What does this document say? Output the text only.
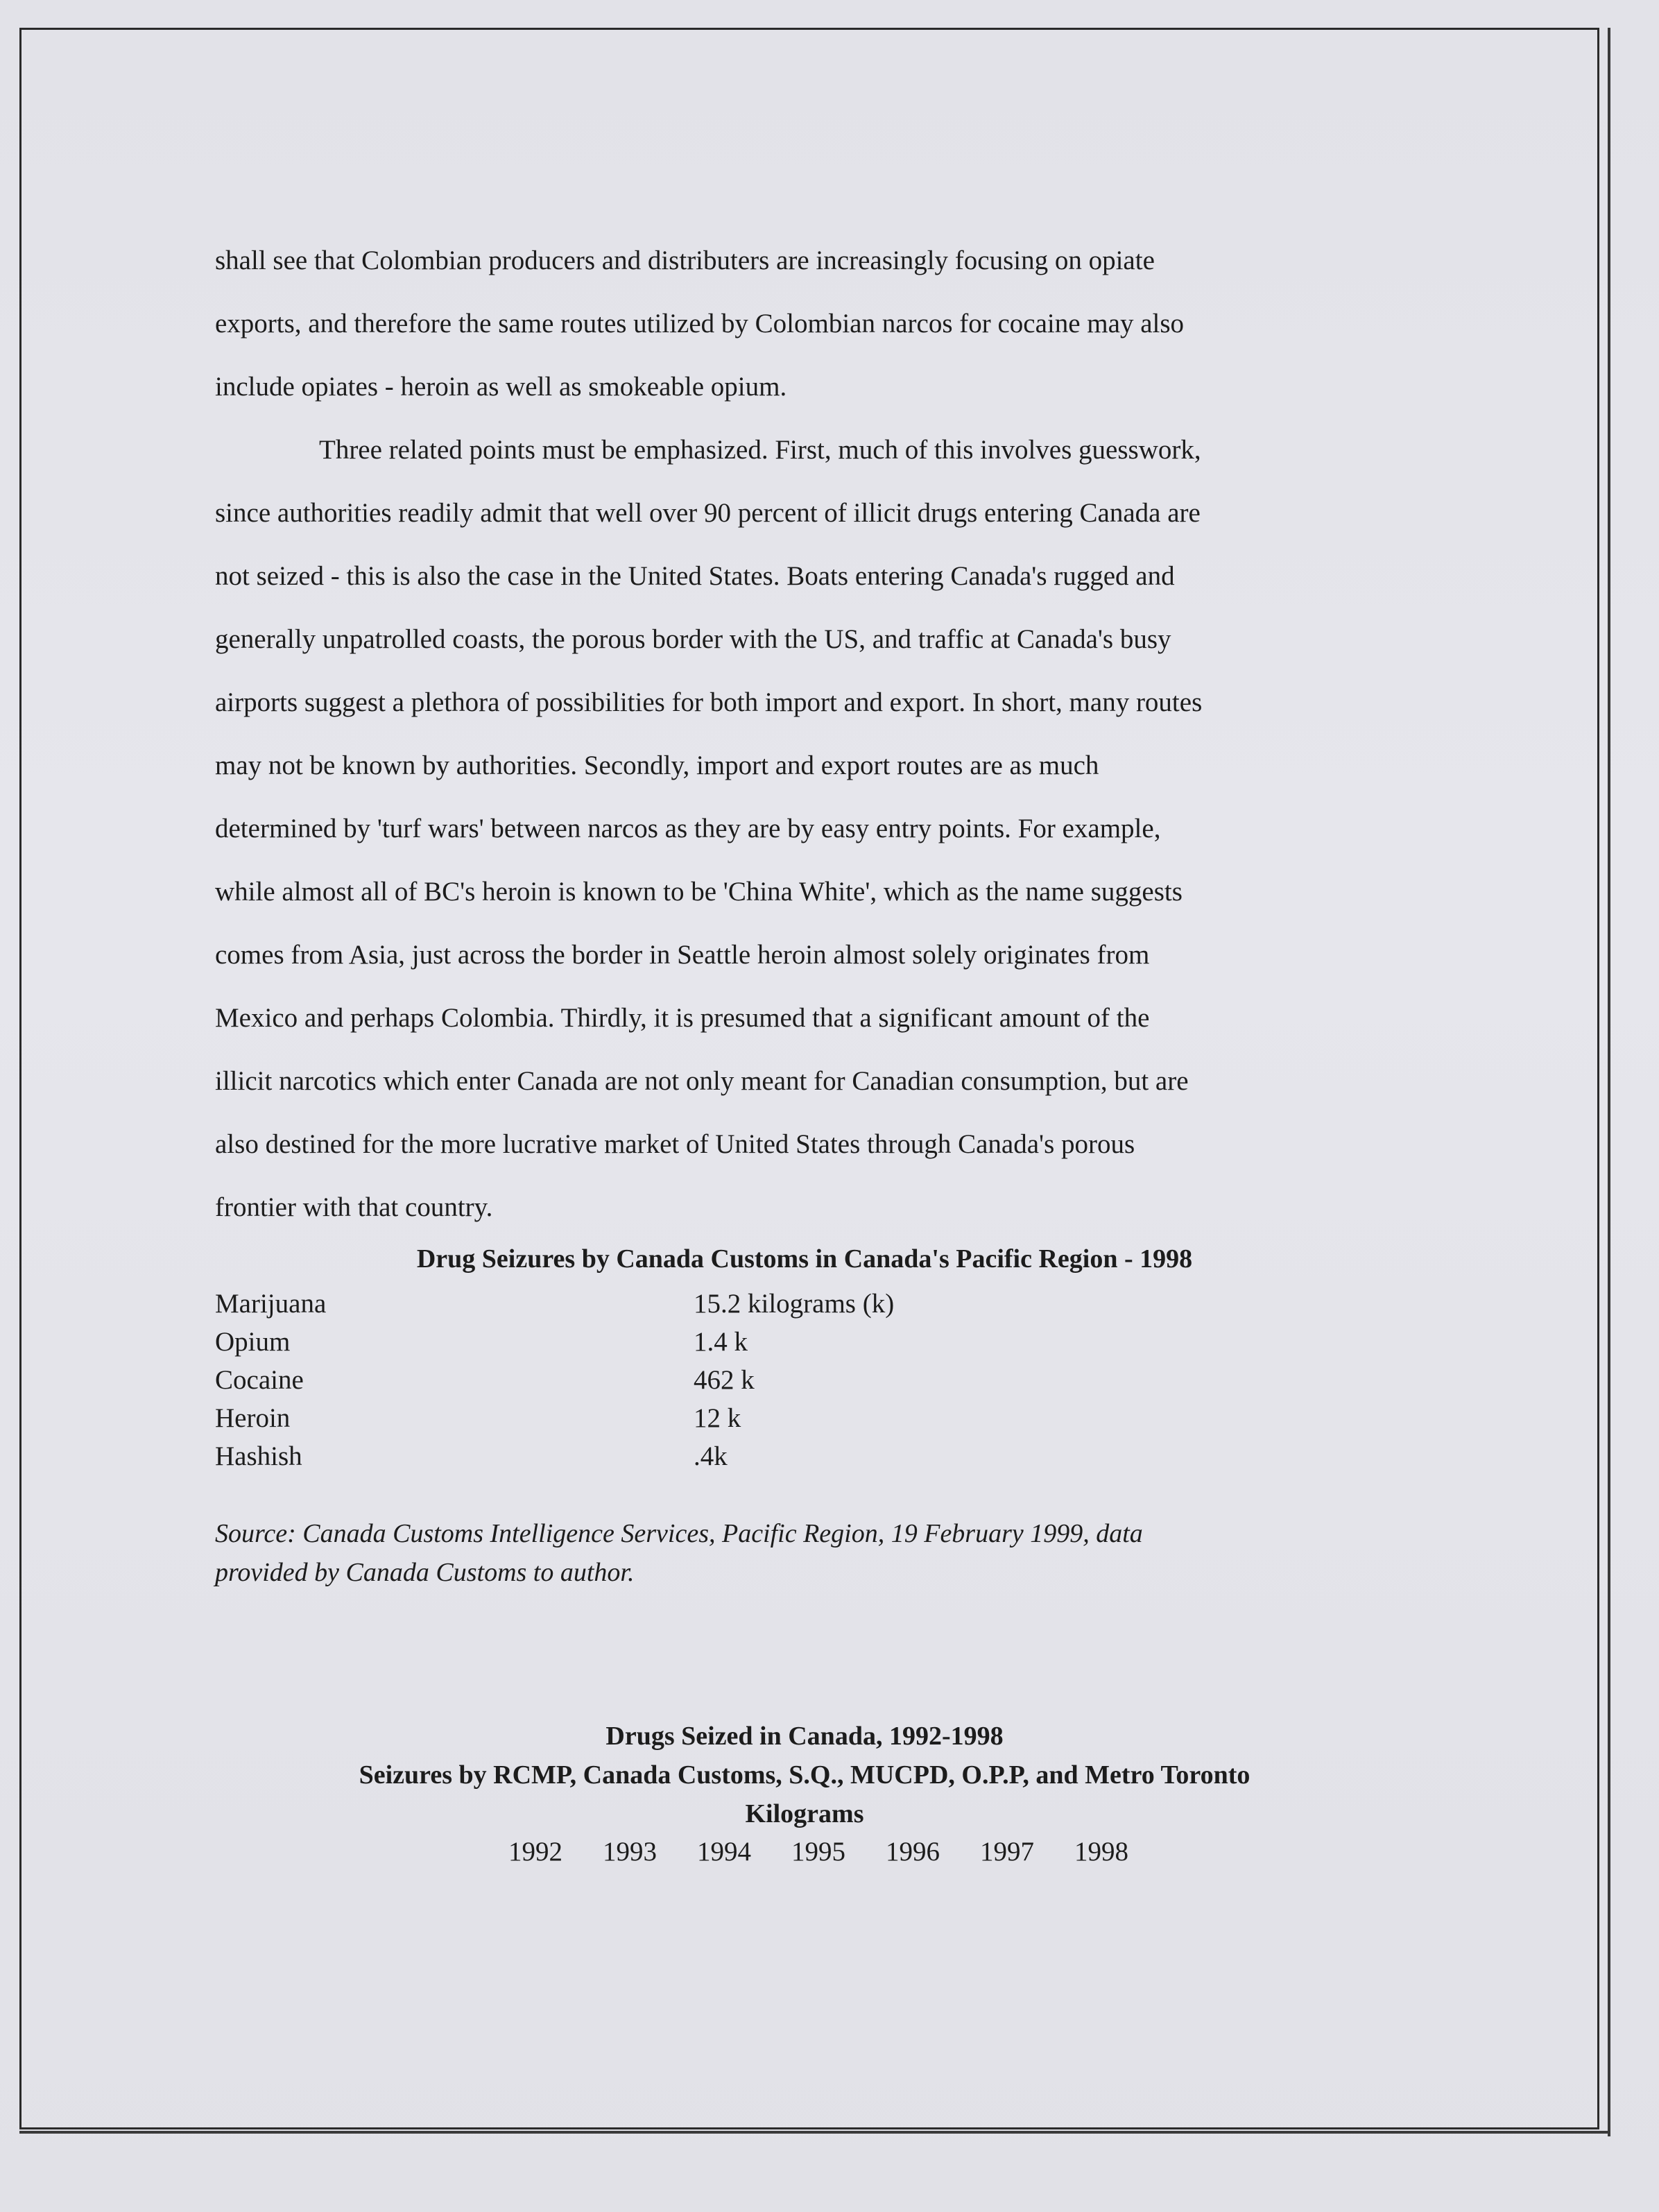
shall see that Colombian producers and distributers are increasingly focusing on opiate
exports, and therefore the same routes utilized by Colombian narcos for cocaine may also
include opiates - heroin as well as smokeable opium.

Three related points must be emphasized. First, much of this involves guesswork,
since authorities readily admit that well over 90 percent of illicit drugs entering Canada are
not seized - this is also the case in the United States. Boats entering Canada's rugged and
generally unpatrolled coasts, the porous border with the US, and traffic at Canada's busy
airports suggest a plethora of possibilities for both import and export. In short, many routes
may not be known by authorities. Secondly, import and export routes are as much
determined by 'turf wars' between narcos as they are by easy entry points. For example,
while almost all of BC's heroin is known to be 'China White', which as the name suggests
comes from Asia, just across the border in Seattle heroin almost solely originates from
Mexico and perhaps Colombia. Thirdly, it is presumed that a significant amount of the
illicit narcotics which enter Canada are not only meant for Canadian consumption, but are
also destined for the more lucrative market of United States through Canada's porous
frontier with that country.

Drug Seizures by Canada Customs in Canada's Pacific Region - 1998
Marijuana	15.2 kilograms (k)
Opium	1.4 k
Cocaine	462 k
Heroin	12 k
Hashish	.4k
Source: Canada Customs Intelligence Services, Pacific Region, 19 February 1999, data
provided by Canada Customs to author.
Drugs Seized in Canada, 1992-1998
Seizures by RCMP, Canada Customs, S.Q., MUCPD, O.P.P, and Metro Toronto
Kilograms
1992	1993	1994	1995	1996	1997	1998
